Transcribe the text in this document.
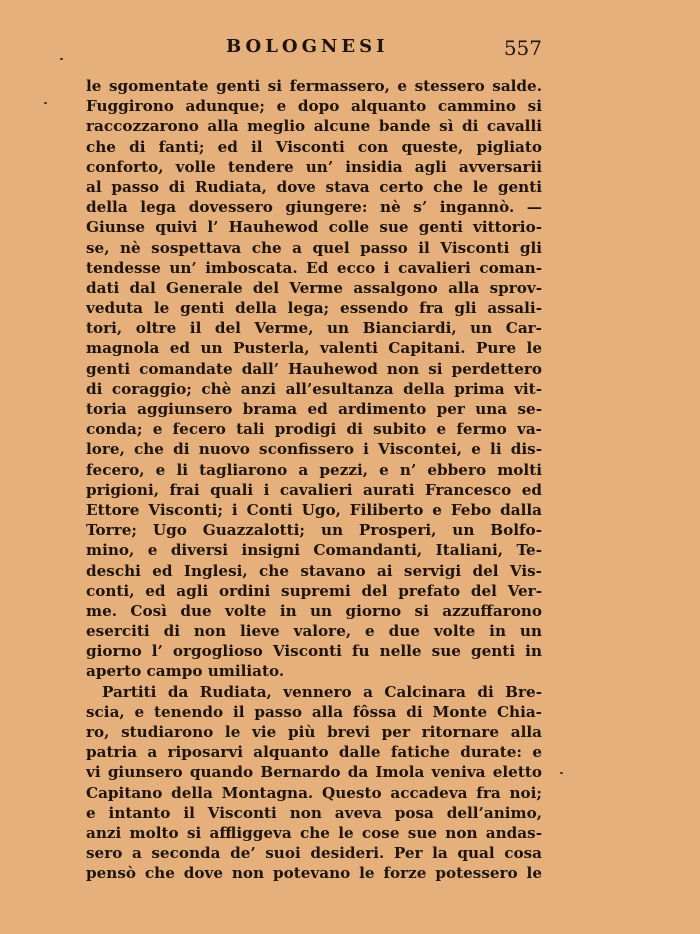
BOLOGNESI	557
le sgomentate genti si fermassero, e stessero salde.
Fuggirono adunque; e dopo alquanto cammino si
raccozzarono alla meglio alcune bande sì di cavalli
che di fanti; ed il Visconti con queste, pigliato
conforto, volle tendere un’ insidia agli avversarii
al passo di Rudiata, dove stava certo che le genti
della lega dovessero giungere: nè s’ ingannò. —
Giunse quivi l’ Hauhewod colle sue genti vittorio-
se, nè sospettava che a quel passo il Visconti gli
tendesse un’ imboscata. Ed ecco i cavalieri coman-
dati dal Generale del Verme assalgono alla sprov-
veduta le genti della lega; essendo fra gli assali-
tori, oltre il del Verme, un Bianciardi, un Car-
magnola ed un Pusterla, valenti Capitani. Pure le
genti comandate dall’ Hauhewod non si perdettero
di coraggio; chè anzi all’esultanza della prima vit-
toria aggiunsero brama ed ardimento per una se-
conda; e fecero tali prodigi di subito e fermo va-
lore, che di nuovo sconfissero i Viscontei, e li dis-
fecero, e li tagliarono a pezzi, e n’ ebbero molti
prigioni, frai quali i cavalieri aurati Francesco ed
Ettore Visconti; i Conti Ugo, Filiberto e Febo dalla
Torre; Ugo Guazzalotti; un Prosperi, un Bolfo-
mino, e diversi insigni Comandanti, Italiani, Te-
deschi ed Inglesi, che stavano ai servigi del Vis-
conti, ed agli ordini supremi del prefato del Ver-
me. Così due volte in un giorno si azzuffarono
eserciti di non lieve valore, e due volte in un
giorno l’ orgoglioso Visconti fu nelle sue genti in
aperto campo umiliato.
Partiti da Rudiata, vennero a Calcinara di Bre-
scia, e tenendo il passo alla fôssa di Monte Chia-
ro, studiarono le vie più brevi per ritornare alla
patria a riposarvi alquanto dalle fatiche durate: e
vi giunsero quando Bernardo da Imola veniva eletto
Capitano della Montagna. Questo accadeva fra noi;
e intanto il Visconti non aveva posa dell’animo,
anzi molto si affliggeva che le cose sue non andas-
sero a seconda de’ suoi desideri. Per la qual cosa
pensò che dove non potevano le forze potessero le
